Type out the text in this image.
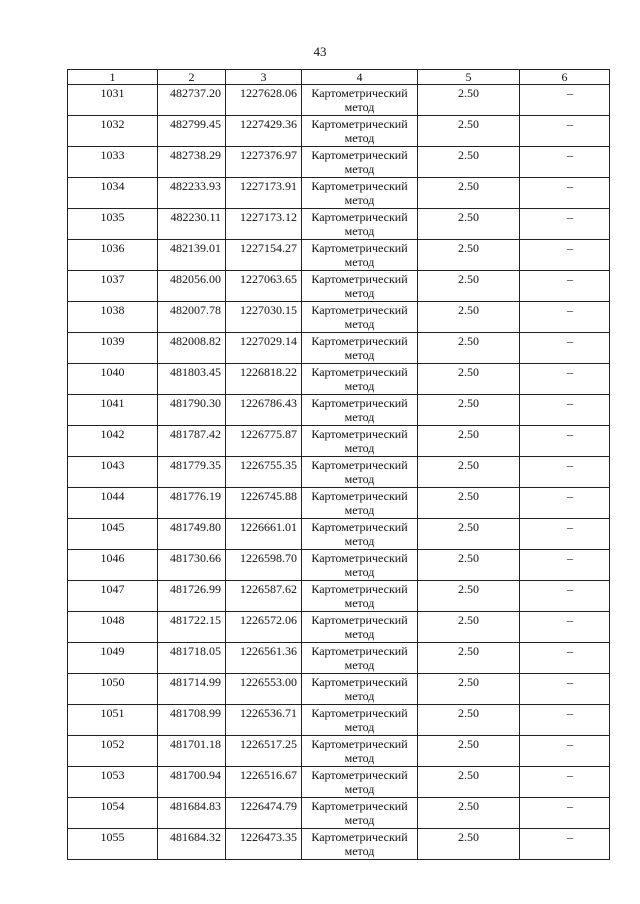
43
1	2	3	4	5	6
1031	482737.20	1227628.06	Картометрический метод	2.50	–
1032	482799.45	1227429.36	Картометрический метод	2.50	–
1033	482738.29	1227376.97	Картометрический метод	2.50	–
1034	482233.93	1227173.91	Картометрический метод	2.50	–
1035	482230.11	1227173.12	Картометрический метод	2.50	–
1036	482139.01	1227154.27	Картометрический метод	2.50	–
1037	482056.00	1227063.65	Картометрический метод	2.50	–
1038	482007.78	1227030.15	Картометрический метод	2.50	–
1039	482008.82	1227029.14	Картометрический метод	2.50	–
1040	481803.45	1226818.22	Картометрический метод	2.50	–
1041	481790.30	1226786.43	Картометрический метод	2.50	–
1042	481787.42	1226775.87	Картометрический метод	2.50	–
1043	481779.35	1226755.35	Картометрический метод	2.50	–
1044	481776.19	1226745.88	Картометрический метод	2.50	–
1045	481749.80	1226661.01	Картометрический метод	2.50	–
1046	481730.66	1226598.70	Картометрический метод	2.50	–
1047	481726.99	1226587.62	Картометрический метод	2.50	–
1048	481722.15	1226572.06	Картометрический метод	2.50	–
1049	481718.05	1226561.36	Картометрический метод	2.50	–
1050	481714.99	1226553.00	Картометрический метод	2.50	–
1051	481708.99	1226536.71	Картометрический метод	2.50	–
1052	481701.18	1226517.25	Картометрический метод	2.50	–
1053	481700.94	1226516.67	Картометрический метод	2.50	–
1054	481684.83	1226474.79	Картометрический метод	2.50	–
1055	481684.32	1226473.35	Картометрический метод	2.50	–
